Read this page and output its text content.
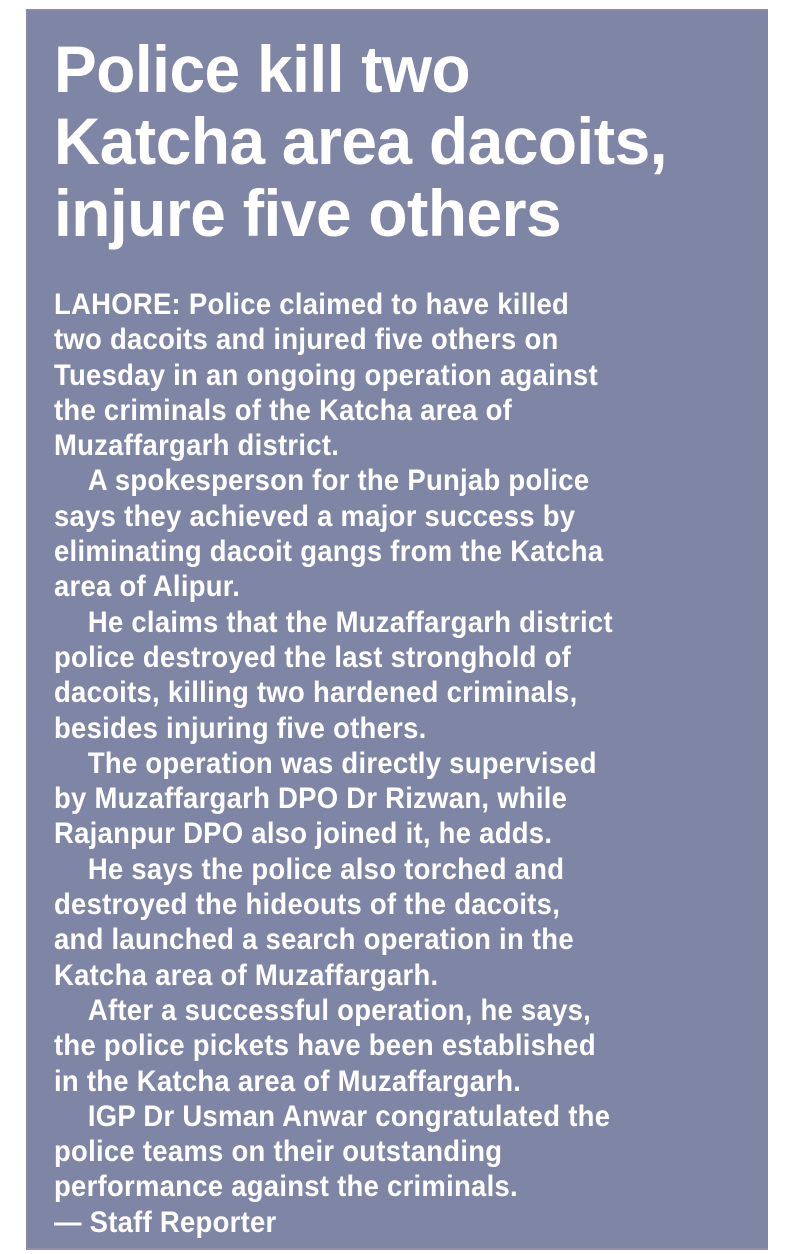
Police kill two
Katcha area dacoits,
injure five others
LAHORE: Police claimed to have killed
two dacoits and injured five others on
Tuesday in an ongoing operation against
the criminals of the Katcha area of
Muzaffargarh district.
A spokesperson for the Punjab police
says they achieved a major success by
eliminating dacoit gangs from the Katcha
area of Alipur.
He claims that the Muzaffargarh district
police destroyed the last stronghold of
dacoits, killing two hardened criminals,
besides injuring five others.
The operation was directly supervised
by Muzaffargarh DPO Dr Rizwan, while
Rajanpur DPO also joined it, he adds.
He says the police also torched and
destroyed the hideouts of the dacoits,
and launched a search operation in the
Katcha area of Muzaffargarh.
After a successful operation, he says,
the police pickets have been established
in the Katcha area of Muzaffargarh.
IGP Dr Usman Anwar congratulated the
police teams on their outstanding
performance against the criminals.
— Staff Reporter
